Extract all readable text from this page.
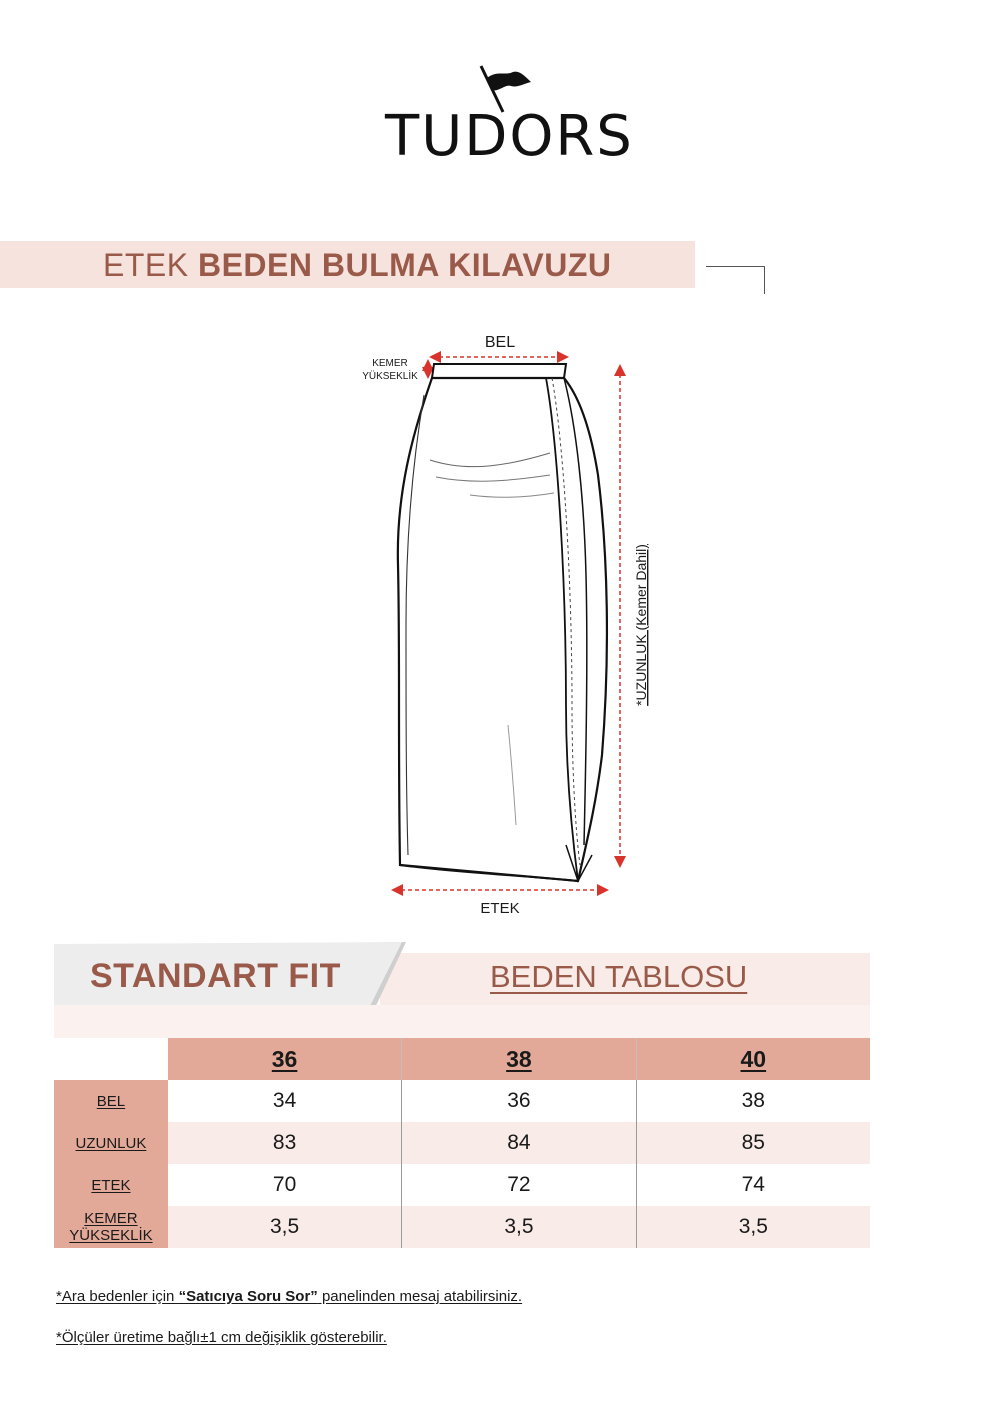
TUDORS
ETEK BEDEN BULMA KILAVUZU
BEL
KEMER
YÜKSEKLİK
*UZUNLUK (Kemer Dahil)
ETEK
STANDART FIT	BEDEN TABLOSU
	36	38	40
BEL	34	36	38
UZUNLUK	83	84	85
ETEK	70	72	74

KEMER
YÜKSEKLİK	3,5	3,5	3,5
*Ara bedenler için “Satıcıya Soru Sor” panelinden mesaj atabilirsiniz.
*Ölçüler üretime bağlı±1 cm değişiklik gösterebilir.
